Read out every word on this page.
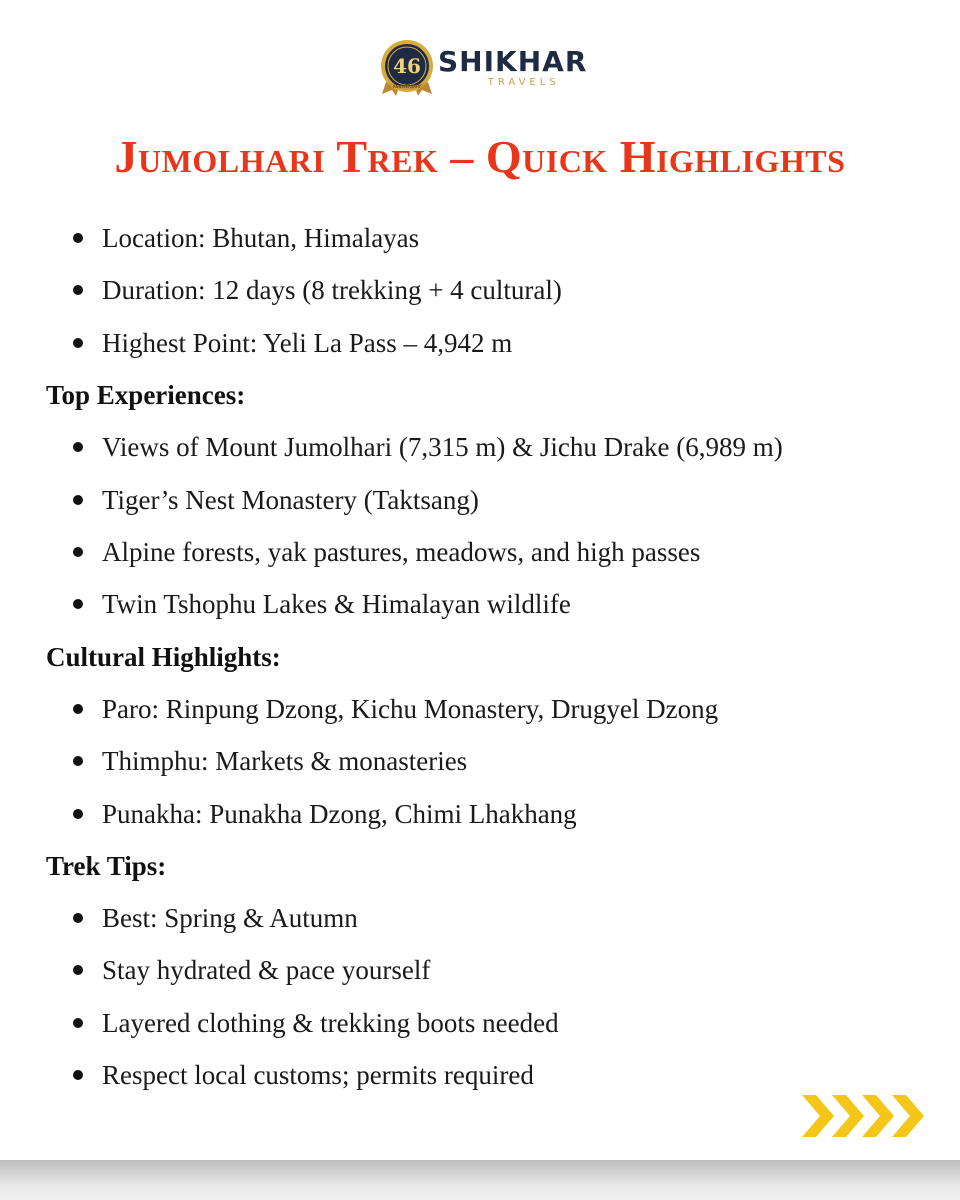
46
ANNIVERSARY
SHIKHAR
TRAVELS
Jumolhari Trek – Quick Highlights
Location: Bhutan, Himalayas
Duration: 12 days (8 trekking + 4 cultural)
Highest Point: Yeli La Pass – 4,942 m
Top Experiences:
Views of Mount Jumolhari (7,315 m) & Jichu Drake (6,989 m)
Tiger’s Nest Monastery (Taktsang)
Alpine forests, yak pastures, meadows, and high passes
Twin Tshophu Lakes & Himalayan wildlife
Cultural Highlights:
Paro: Rinpung Dzong, Kichu Monastery, Drugyel Dzong
Thimphu: Markets & monasteries
Punakha: Punakha Dzong, Chimi Lhakhang
Trek Tips:
Best: Spring & Autumn
Stay hydrated & pace yourself
Layered clothing & trekking boots needed
Respect local customs; permits required
